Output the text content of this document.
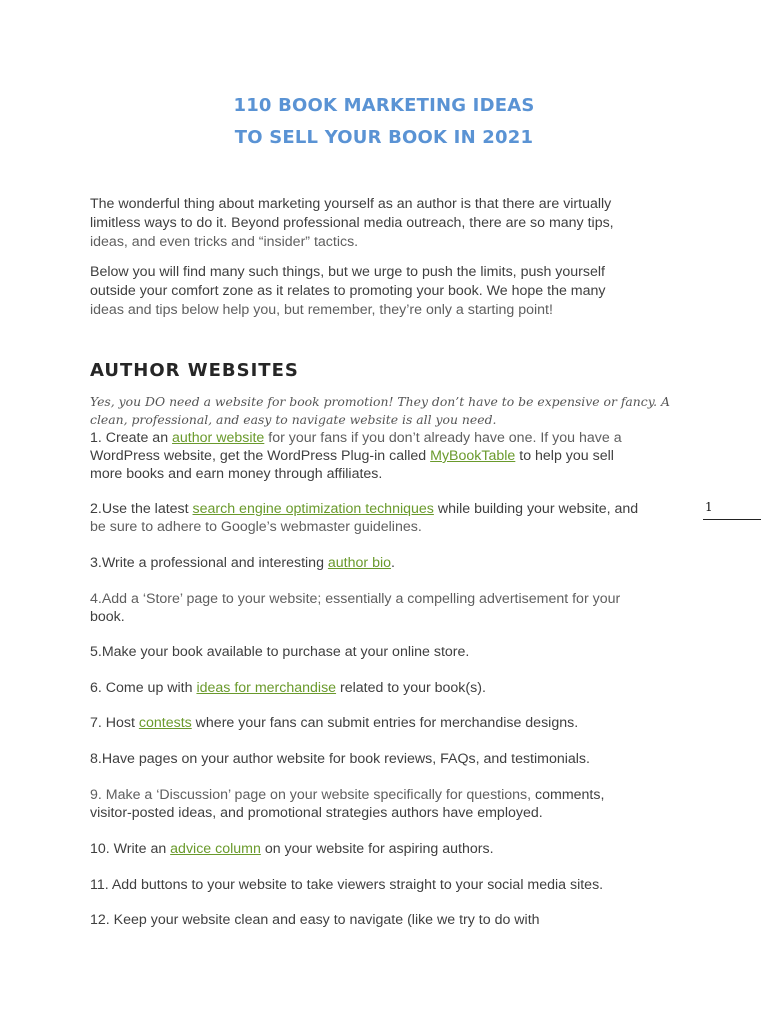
110 BOOK MARKETING IDEAS
TO SELL YOUR BOOK IN 2021
The wonderful thing about marketing yourself as an author is that there are virtually
limitless ways to do it. Beyond professional media outreach, there are so many tips,
ideas, and even tricks and “insider” tactics.
Below you will find many such things, but we urge to push the limits, push yourself
outside your comfort zone as it relates to promoting your book. We hope the many
ideas and tips below help you, but remember, they’re only a starting point!
AUTHOR WEBSITES
Yes, you DO need a website for book promotion! They don’t have to be expensive or fancy. A
clean, professional, and easy to navigate website is all you need.
1. Create an author website for your fans if you don’t already have one. If you have a
WordPress website, get the WordPress Plug-in called MyBookTable to help you sell
more books and earn money through affiliates.
2.Use the latest search engine optimization techniques while building your website, and
be sure to adhere to Google’s webmaster guidelines.
1
3.Write a professional and interesting author bio.
4.Add a ‘Store’ page to your website; essentially a compelling advertisement for your
book.
5.Make your book available to purchase at your online store.
6. Come up with ideas for merchandise related to your book(s).
7. Host contests where your fans can submit entries for merchandise designs.
8.Have pages on your author website for book reviews, FAQs, and testimonials.
9. Make a ‘Discussion’ page on your website specifically for questions, comments,
visitor-posted ideas, and promotional strategies authors have employed.
10. Write an advice column on your website for aspiring authors.
11. Add buttons to your website to take viewers straight to your social media sites.
12. Keep your website clean and easy to navigate (like we try to do with
